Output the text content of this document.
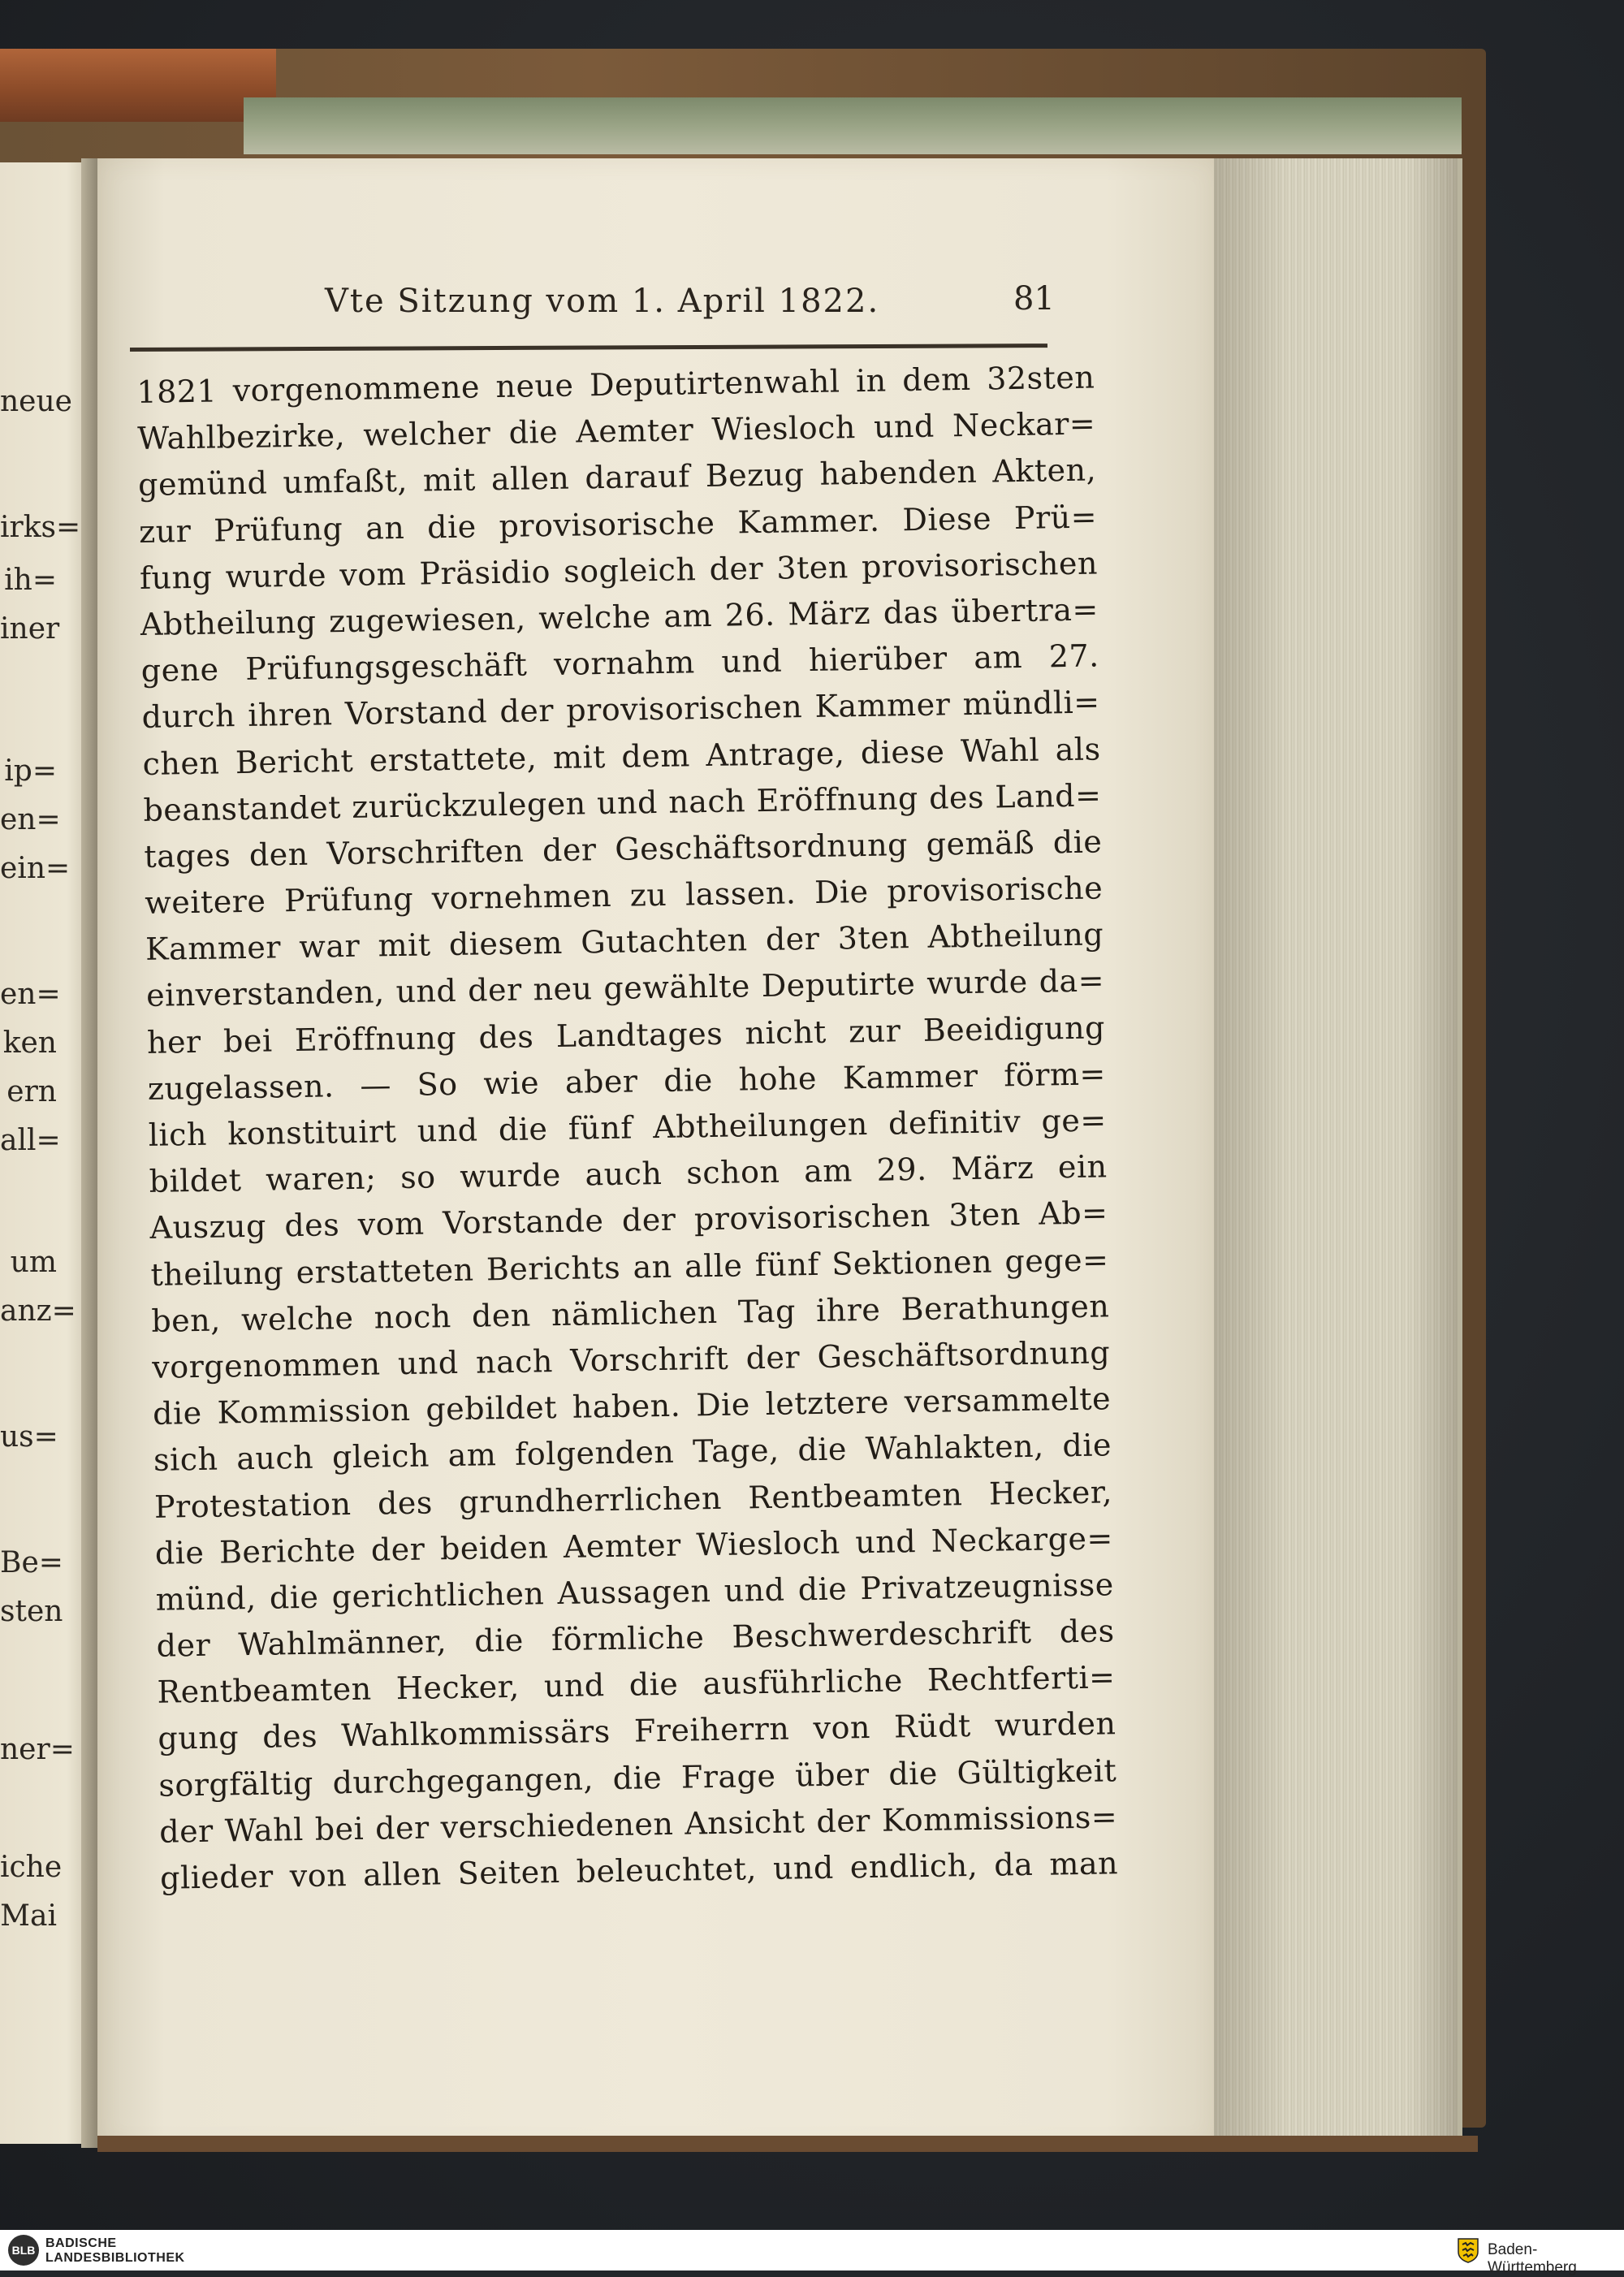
neue
irks=
ih=
iner
ip=
en=
ein=
en=
ken
ern
all=
um
anz=
us=
Be=
sten
ner=
iche
Mai
Vte Sitzung vom 1. April 1822.	81
1821 vorgenommene neue Deputirtenwahl in dem 32sten
Wahlbezirke, welcher die Aemter Wiesloch und Neckar=
gemünd umfaßt, mit allen darauf Bezug habenden Akten,
zur Prüfung an die provisorische Kammer. Diese Prü=
fung wurde vom Präsidio sogleich der 3ten provisorischen
Abtheilung zugewiesen, welche am 26. März das übertra=
gene Prüfungsgeschäft vornahm und hierüber am 27.
durch ihren Vorstand der provisorischen Kammer mündli=
chen Bericht erstattete, mit dem Antrage, diese Wahl als
beanstandet zurückzulegen und nach Eröffnung des Land=
tages den Vorschriften der Geschäftsordnung gemäß die
weitere Prüfung vornehmen zu lassen. Die provisorische
Kammer war mit diesem Gutachten der 3ten Abtheilung
einverstanden, und der neu gewählte Deputirte wurde da=
her bei Eröffnung des Landtages nicht zur Beeidigung
zugelassen. — So wie aber die hohe Kammer förm=
lich konstituirt und die fünf Abtheilungen definitiv ge=
bildet waren; so wurde auch schon am 29. März ein
Auszug des vom Vorstande der provisorischen 3ten Ab=
theilung erstatteten Berichts an alle fünf Sektionen gege=
ben, welche noch den nämlichen Tag ihre Berathungen
vorgenommen und nach Vorschrift der Geschäftsordnung
die Kommission gebildet haben. Die letztere versammelte
sich auch gleich am folgenden Tage, die Wahlakten, die
Protestation des grundherrlichen Rentbeamten Hecker,
die Berichte der beiden Aemter Wiesloch und Neckarge=
münd, die gerichtlichen Aussagen und die Privatzeugnisse
der Wahlmänner, die förmliche Beschwerdeschrift des
Rentbeamten Hecker, und die ausführliche Rechtferti=
gung des Wahlkommissärs Freiherrn von Rüdt wurden
sorgfältig durchgegangen, die Frage über die Gültigkeit
der Wahl bei der verschiedenen Ansicht der Kommissions=
glieder von allen Seiten beleuchtet, und endlich, da man
BLB BADISCHE
LANDESBIBLIOTHEK	Baden-Württemberg
